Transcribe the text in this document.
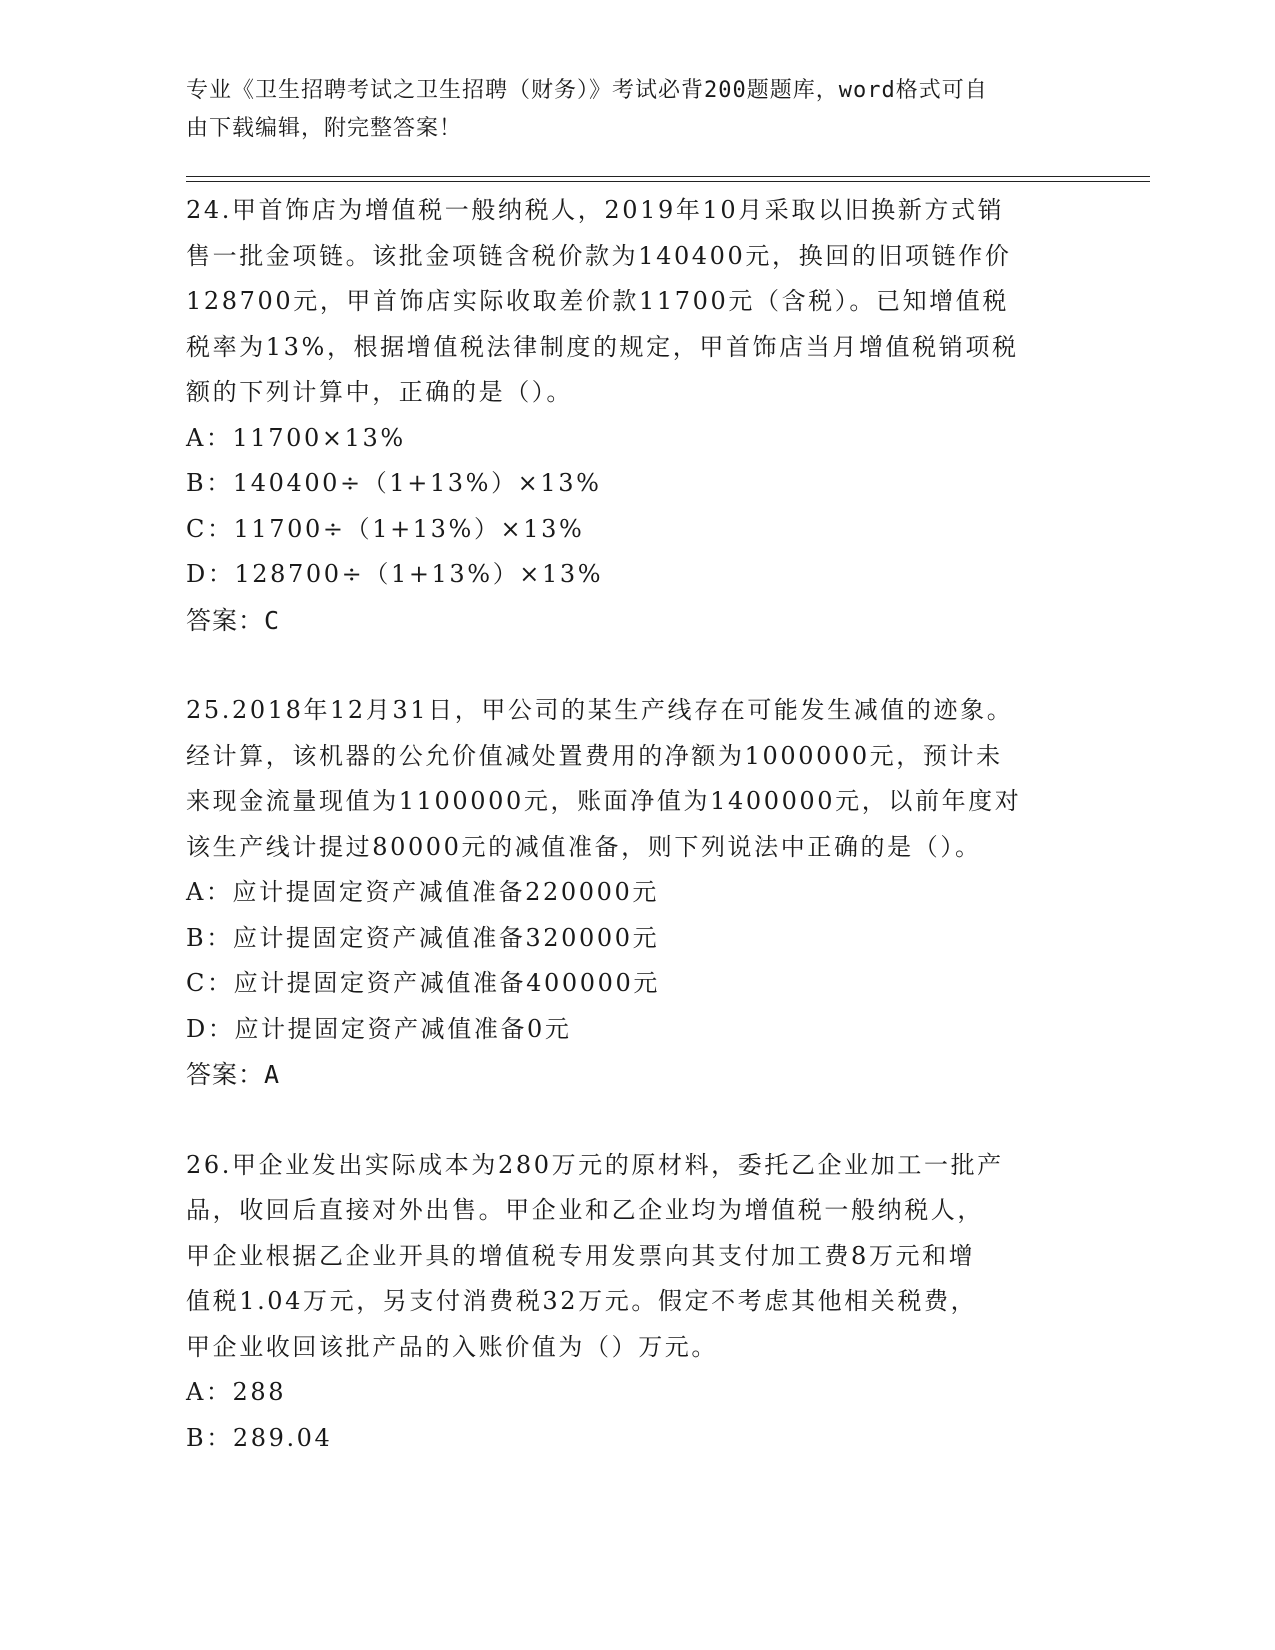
专业《卫生招聘考试之卫生招聘（财务）》考试必背200题题库，word格式可自
由下载编辑，附完整答案！
24.甲首饰店为增值税一般纳税人，2019年10月采取以旧换新方式销
售一批金项链。该批金项链含税价款为140400元，换回的旧项链作价
128700元，甲首饰店实际收取差价款11700元（含税）。已知增值税
税率为13%，根据增值税法律制度的规定，甲首饰店当月增值税销项税
额的下列计算中，正确的是（）。
A：11700×13%
B：140400÷（1+13%）×13%
C：11700÷（1+13%）×13%
D：128700÷（1+13%）×13%
答案：C
25.2018年12月31日，甲公司的某生产线存在可能发生减值的迹象。
经计算，该机器的公允价值减处置费用的净额为1000000元，预计未
来现金流量现值为1100000元，账面净值为1400000元，以前年度对
该生产线计提过80000元的减值准备，则下列说法中正确的是（）。
A：应计提固定资产减值准备220000元
B：应计提固定资产减值准备320000元
C：应计提固定资产减值准备400000元
D：应计提固定资产减值准备0元
答案：A
26.甲企业发出实际成本为280万元的原材料，委托乙企业加工一批产
品，收回后直接对外出售。甲企业和乙企业均为增值税一般纳税人，
甲企业根据乙企业开具的增值税专用发票向其支付加工费8万元和增
值税1.04万元，另支付消费税32万元。假定不考虑其他相关税费，
甲企业收回该批产品的入账价值为（）万元。
A：288
B：289.04
